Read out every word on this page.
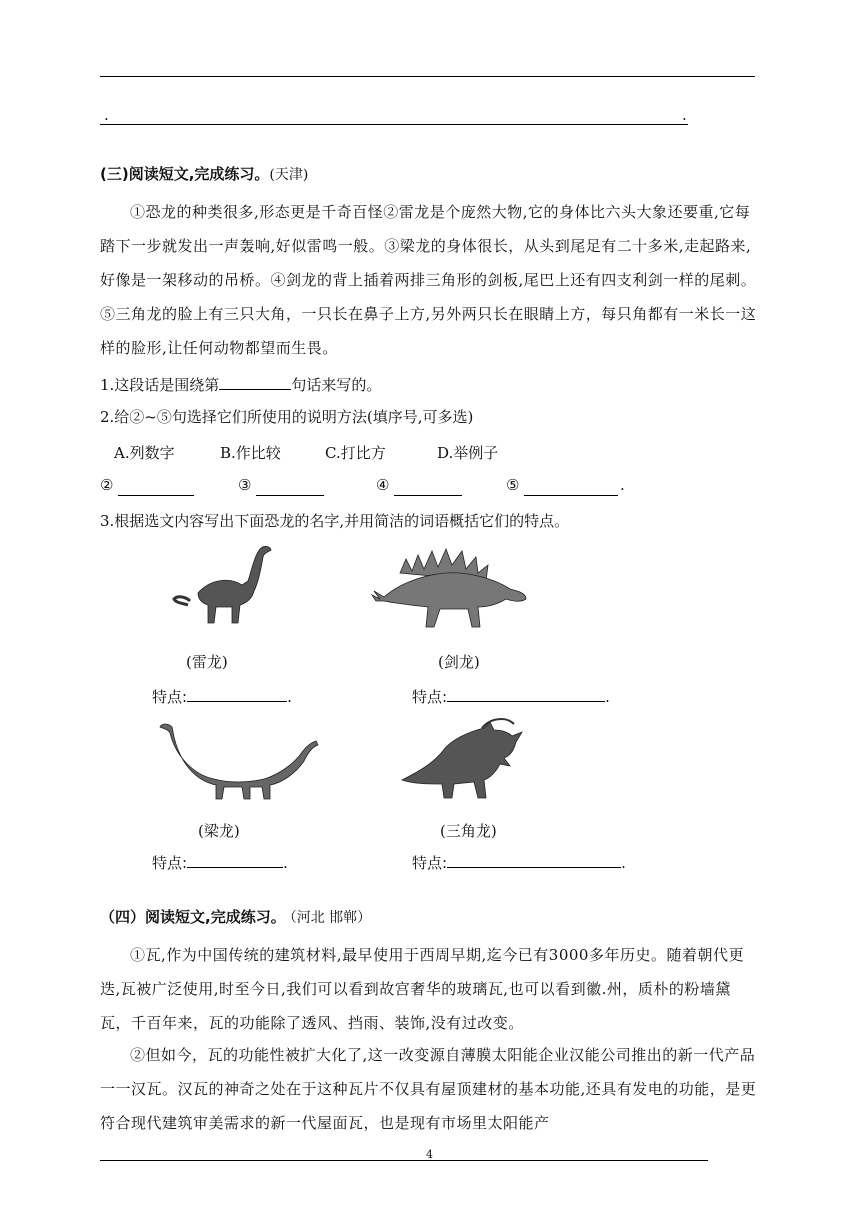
.	.
(三)阅读短文,完成练习。(天津)
①恐龙的种类很多,形态更是千奇百怪②雷龙是个庞然大物,它的身体比六头大象还要重,它每踏下一步就发出一声轰响,好似雷鸣一般。③梁龙的身体很长，从头到尾足有二十多米,走起路来,好像是一架移动的吊桥。④剑龙的背上插着两排三角形的剑板,尾巴上还有四支利剑一样的尾刺。⑤三角龙的脸上有三只大角，一只长在鼻子上方,另外两只长在眼睛上方，每只角都有一米长一这样的脸形,让任何动物都望而生畏。
1.这段话是围绕第	句话来写的。
2.给②~⑤句选择它们所使用的说明方法(填序号,可多选)
A.列数字	B.作比较	C.打比方	D.举例子
②	③	④	⑤	.
3.根据选文内容写出下面恐龙的名字,并用简洁的词语概括它们的特点。
(雷龙)	(剑龙)
特点:	.	特点:	.
(梁龙)	(三角龙)
特点:	.	特点:	.
（四）阅读短文,完成练习。 （河北 邯郸）
①瓦,作为中国传统的建筑材料,最早使用于西周早期,迄今已有3000多年历史。随着朝代更迭,瓦被广泛使用,时至今日,我们可以看到故宫奢华的玻璃瓦,也可以看到徽.州，质朴的粉墙黛瓦，千百年来，瓦的功能除了透风、挡雨、装饰,没有过改变。
②但如今，瓦的功能性被扩大化了,这一改变源自薄膜太阳能企业汉能公司推出的新一代产品一一汉瓦。汉瓦的神奇之处在于这种瓦片不仅具有屋顶建材的基本功能,还具有发电的功能，是更符合现代建筑审美需求的新一代屋面瓦，也是现有市场里太阳能产
4
